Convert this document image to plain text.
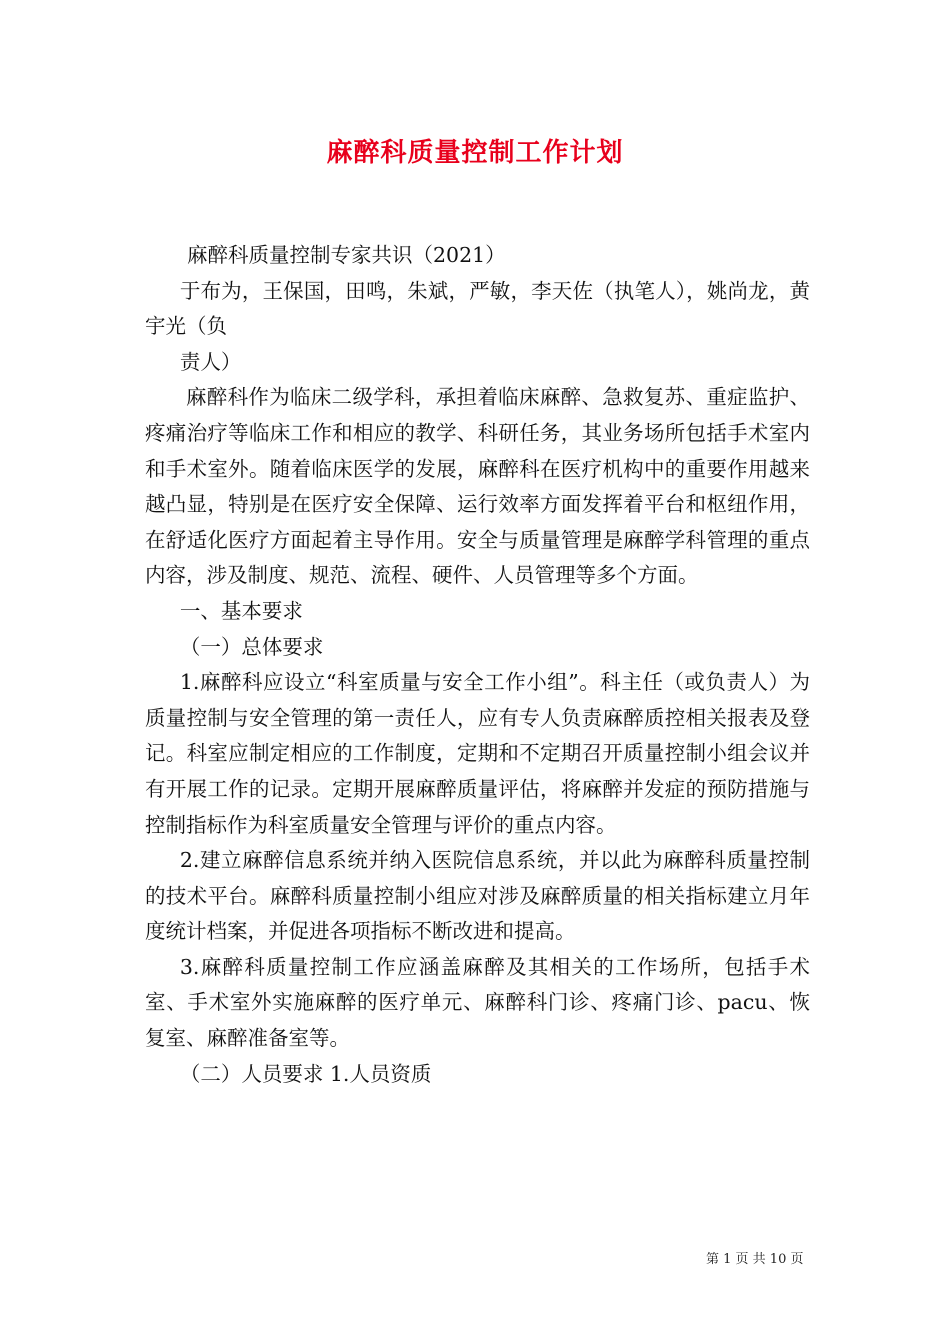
麻醉科质量控制工作计划

麻醉科质量控制专家共识（2021）

于布为，王保国，田鸣，朱斌，严敏，李天佐（执笔人），姚尚龙，黄宇光（负

责人）

麻醉科作为临床二级学科，承担着临床麻醉、急救复苏、重症监护、疼痛治疗等临床工作和相应的教学、科研任务，其业务场所包括手术室内和手术室外。随着临床医学的发展，麻醉科在医疗机构中的重要作用越来越凸显，特别是在医疗安全保障、运行效率方面发挥着平台和枢纽作用，在舒适化医疗方面起着主导作用。安全与质量管理是麻醉学科管理的重点内容，涉及制度、规范、流程、硬件、人员管理等多个方面。

一、基本要求

（一）总体要求

1.麻醉科应设立“科室质量与安全工作小组”。科主任（或负责人）为质量控制与安全管理的第一责任人，应有专人负责麻醉质控相关报表及登记。科室应制定相应的工作制度，定期和不定期召开质量控制小组会议并有开展工作的记录。定期开展麻醉质量评估，将麻醉并发症的预防措施与控制指标作为科室质量安全管理与评价的重点内容。

2.建立麻醉信息系统并纳入医院信息系统，并以此为麻醉科质量控制的技术平台。麻醉科质量控制小组应对涉及麻醉质量的相关指标建立月年度统计档案，并促进各项指标不断改进和提高。

3.麻醉科质量控制工作应涵盖麻醉及其相关的工作场所，包括手术室、手术室外实施麻醉的医疗单元、麻醉科门诊、疼痛门诊、pacu、恢复室、麻醉准备室等。

（二）人员要求 1.人员资质

第 1 页 共 10 页
